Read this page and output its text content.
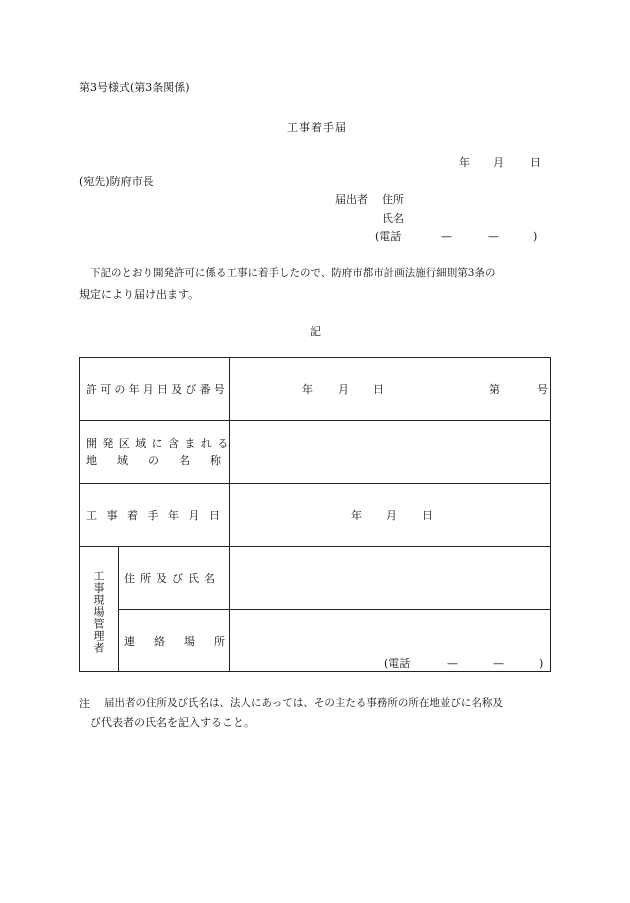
第3号様式(第3条関係)
工事着手届
年 月 日
(宛先)防府市長
届出者 住所
氏名
(電話	—	—	)
下記のとおり開発許可に係る工事に着手したので、防府市都市計画法施行細則第3条の
規定により届け出ます。
記
許可の年月日及び番号	年 月 日	第	号
開発区域に含まれる
地域の名称
工事着手年月日	年 月 日
工事現場管理者 住所及び氏名
連絡場所
(電話	—	—	)
注 届出者の住所及び氏名は、法人にあっては、その主たる事務所の所在地並びに名称及
び代表者の氏名を記入すること。
